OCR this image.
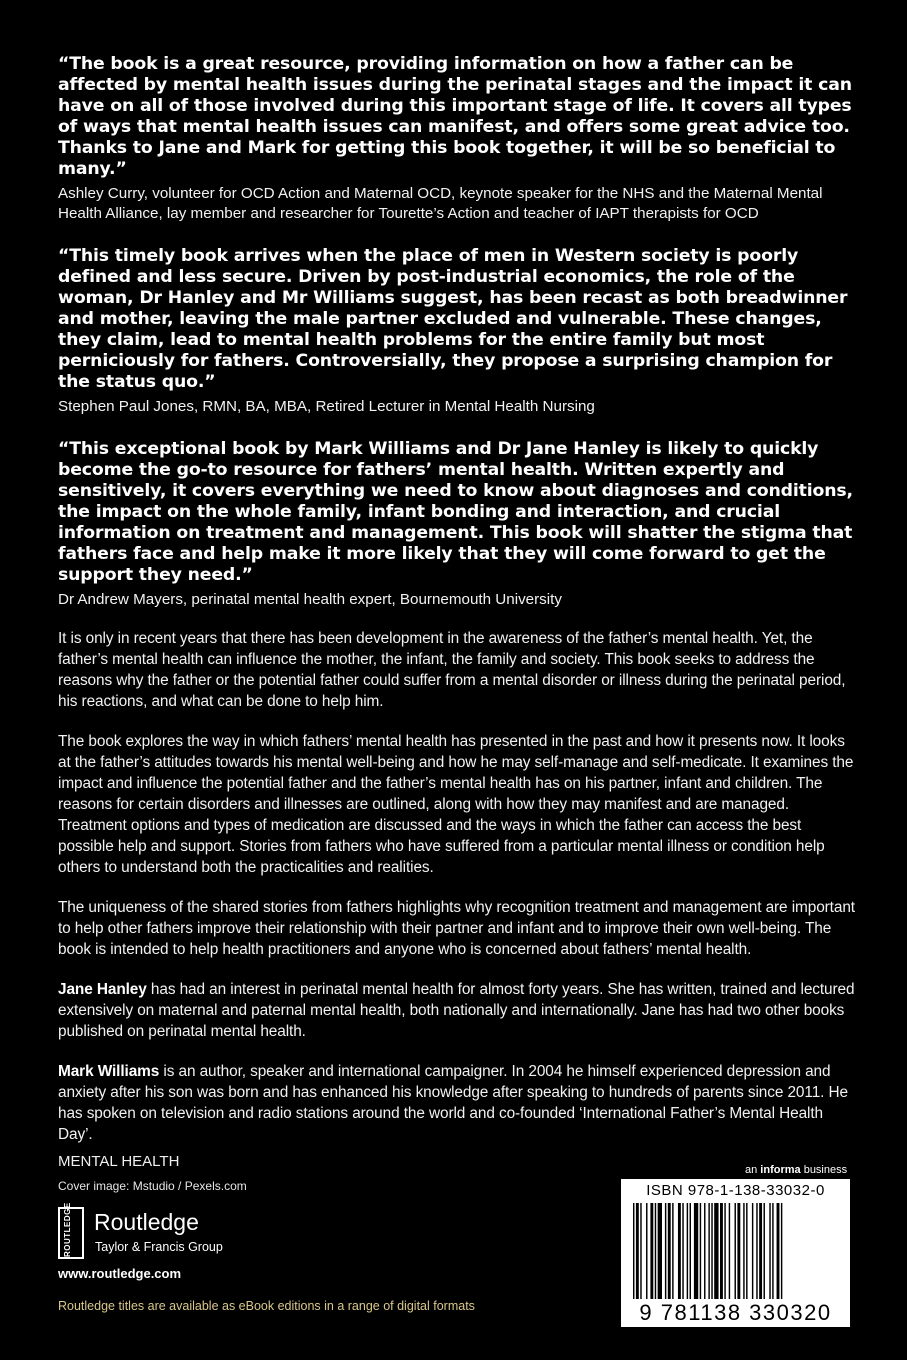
“The book is a great resource, providing information on how a father can be affected by mental health issues during the perinatal stages and the impact it can have on all of those involved during this important stage of life. It covers all types of ways that mental health issues can manifest, and offers some great advice too. Thanks to Jane and Mark for getting this book together, it will be so beneficial to many.”

Ashley Curry, volunteer for OCD Action and Maternal OCD, keynote speaker for the NHS and the Maternal Mental Health Alliance, lay member and researcher for Tourette’s Action and teacher of IAPT therapists for OCD

“This timely book arrives when the place of men in Western society is poorly defined and less secure. Driven by post-industrial economics, the role of the woman, Dr Hanley and Mr Williams suggest, has been recast as both breadwinner and mother, leaving the male partner excluded and vulnerable. These changes, they claim, lead to mental health problems for the entire family but most perniciously for fathers. Controversially, they propose a surprising champion for the status quo.”

Stephen Paul Jones, RMN, BA, MBA, Retired Lecturer in Mental Health Nursing

“This exceptional book by Mark Williams and Dr Jane Hanley is likely to quickly become the go-to resource for fathers’ mental health. Written expertly and sensitively, it covers everything we need to know about diagnoses and conditions, the impact on the whole family, infant bonding and interaction, and crucial information on treatment and management. This book will shatter the stigma that fathers face and help make it more likely that they will come forward to get the support they need.”

Dr Andrew Mayers, perinatal mental health expert, Bournemouth University

It is only in recent years that there has been development in the awareness of the father’s mental health. Yet, the father’s mental health can influence the mother, the infant, the family and society. This book seeks to address the reasons why the father or the potential father could suffer from a mental disorder or illness during the perinatal period, his reactions, and what can be done to help him.

The book explores the way in which fathers’ mental health has presented in the past and how it presents now. It looks at the father’s attitudes towards his mental well-being and how he may self-manage and self-medicate. It examines the impact and influence the potential father and the father’s mental health has on his partner, infant and children. The reasons for certain disorders and illnesses are outlined, along with how they may manifest and are managed. Treatment options and types of medication are discussed and the ways in which the father can access the best possible help and support. Stories from fathers who have suffered from a particular mental illness or condition help others to understand both the practicalities and realities.

The uniqueness of the shared stories from fathers highlights why recognition treatment and management are important to help other fathers improve their relationship with their partner and infant and to improve their own well-being. The book is intended to help health practitioners and anyone who is concerned about fathers’ mental health.

Jane Hanley has had an interest in perinatal mental health for almost forty years. She has written, trained and lectured extensively on maternal and paternal mental health, both nationally and internationally. Jane has had two other books published on perinatal mental health.

Mark Williams is an author, speaker and international campaigner. In 2004 he himself experienced depression and anxiety after his son was born and has enhanced his knowledge after speaking to hundreds of parents since 2011. He has spoken on television and radio stations around the world and co-founded ‘International Father’s Mental Health Day’.

MENTAL HEALTH
Cover image: Mstudio / Pexels.com
ROUTLEDGE Routledge
Taylor & Francis Group
www.routledge.com
Routledge titles are available as eBook editions in a range of digital formats
an informa business
ISBN 978-1-138-33032-0
9 781138 330320
